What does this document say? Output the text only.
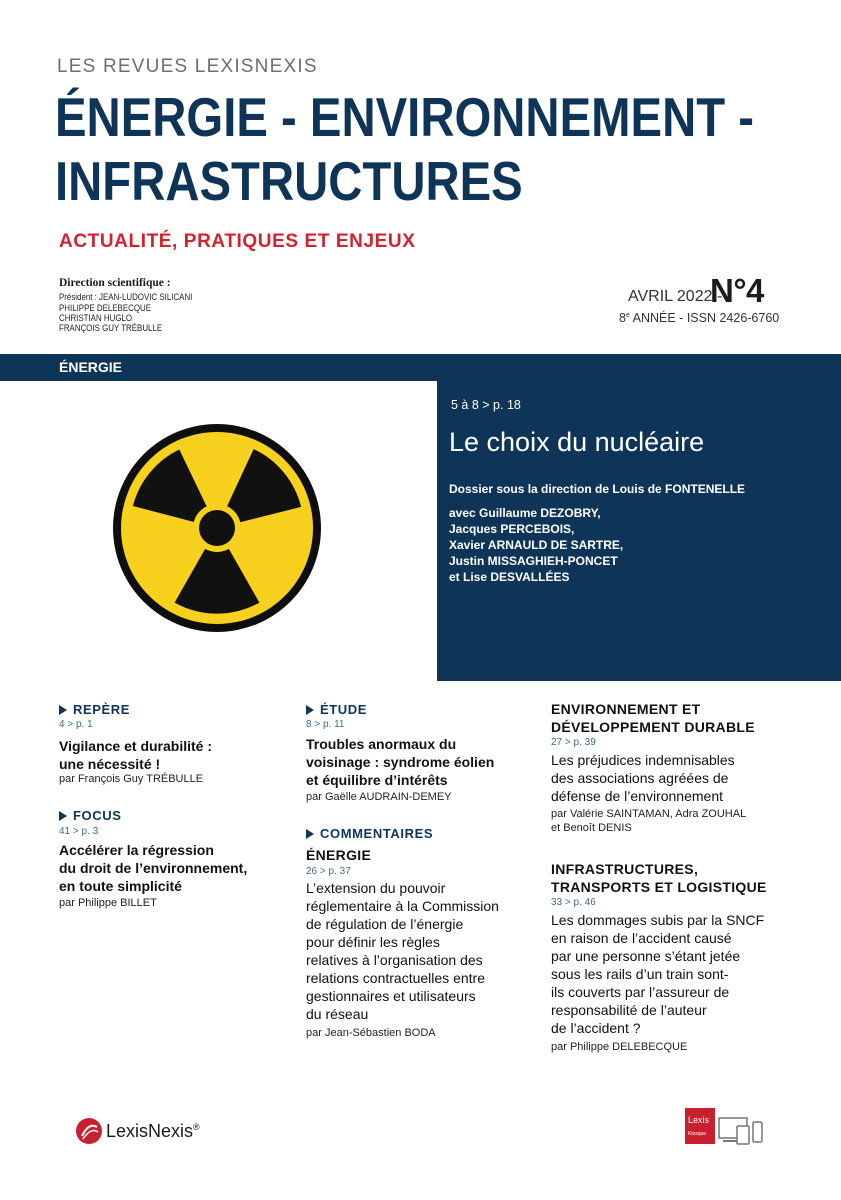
LES REVUES LEXISNEXIS
ÉNERGIE - ENVIRONNEMENT -
INFRASTRUCTURES
ACTUALITÉ, PRATIQUES ET ENJEUX
Direction scientifique :
Président : JEAN-LUDOVIC SILICANI
PHILIPPE DELEBECQUE
CHRISTIAN HUGLO
FRANÇOIS GUY TRÉBULLE
AVRIL 2022 -
N°4
8e ANNÉE - ISSN 2426-6760
ÉNERGIE
5 à 8 > p. 18
Le choix du nucléaire
Dossier sous la direction de Louis de FONTENELLE
avec Guillaume DEZOBRY,
Jacques PERCEBOIS,
Xavier ARNAULD DE SARTRE,
Justin MISSAGHIEH-PONCET
et Lise DESVALLÉES
REPÈRE
4 > p. 1
Vigilance et durabilité :
une nécessité !
par François Guy TRÉBULLE
FOCUS
41 > p. 3
Accélérer la régression
du droit de l’environnement,
en toute simplicité
par Philippe BILLET
ÉTUDE
8 > p. 11
Troubles anormaux du
voisinage : syndrome éolien
et équilibre d’intérêts
par Gaëlle AUDRAIN-DEMEY
COMMENTAIRES
ÉNERGIE
26 > p. 37
L’extension du pouvoir
réglementaire à la Commission
de régulation de l’énergie
pour définir les règles
relatives à l’organisation des
relations contractuelles entre
gestionnaires et utilisateurs
du réseau
par Jean-Sébastien BODA
ENVIRONNEMENT ET
DÉVELOPPEMENT DURABLE
27 > p. 39
Les préjudices indemnisables
des associations agréées de
défense de l’environnement
par Valérie SAINTAMAN, Adra ZOUHAL
et Benoît DENIS
INFRASTRUCTURES,
TRANSPORTS ET LOGISTIQUE
33 > p. 46
Les dommages subis par la SNCF
en raison de l’accident causé
par une personne s’étant jetée
sous les rails d’un train sont-
ils couverts par l’assureur de
responsabilité de l’auteur
de l’accident ?
par Philippe DELEBECQUE
LexisNexis®
Lexis
Kiosque
